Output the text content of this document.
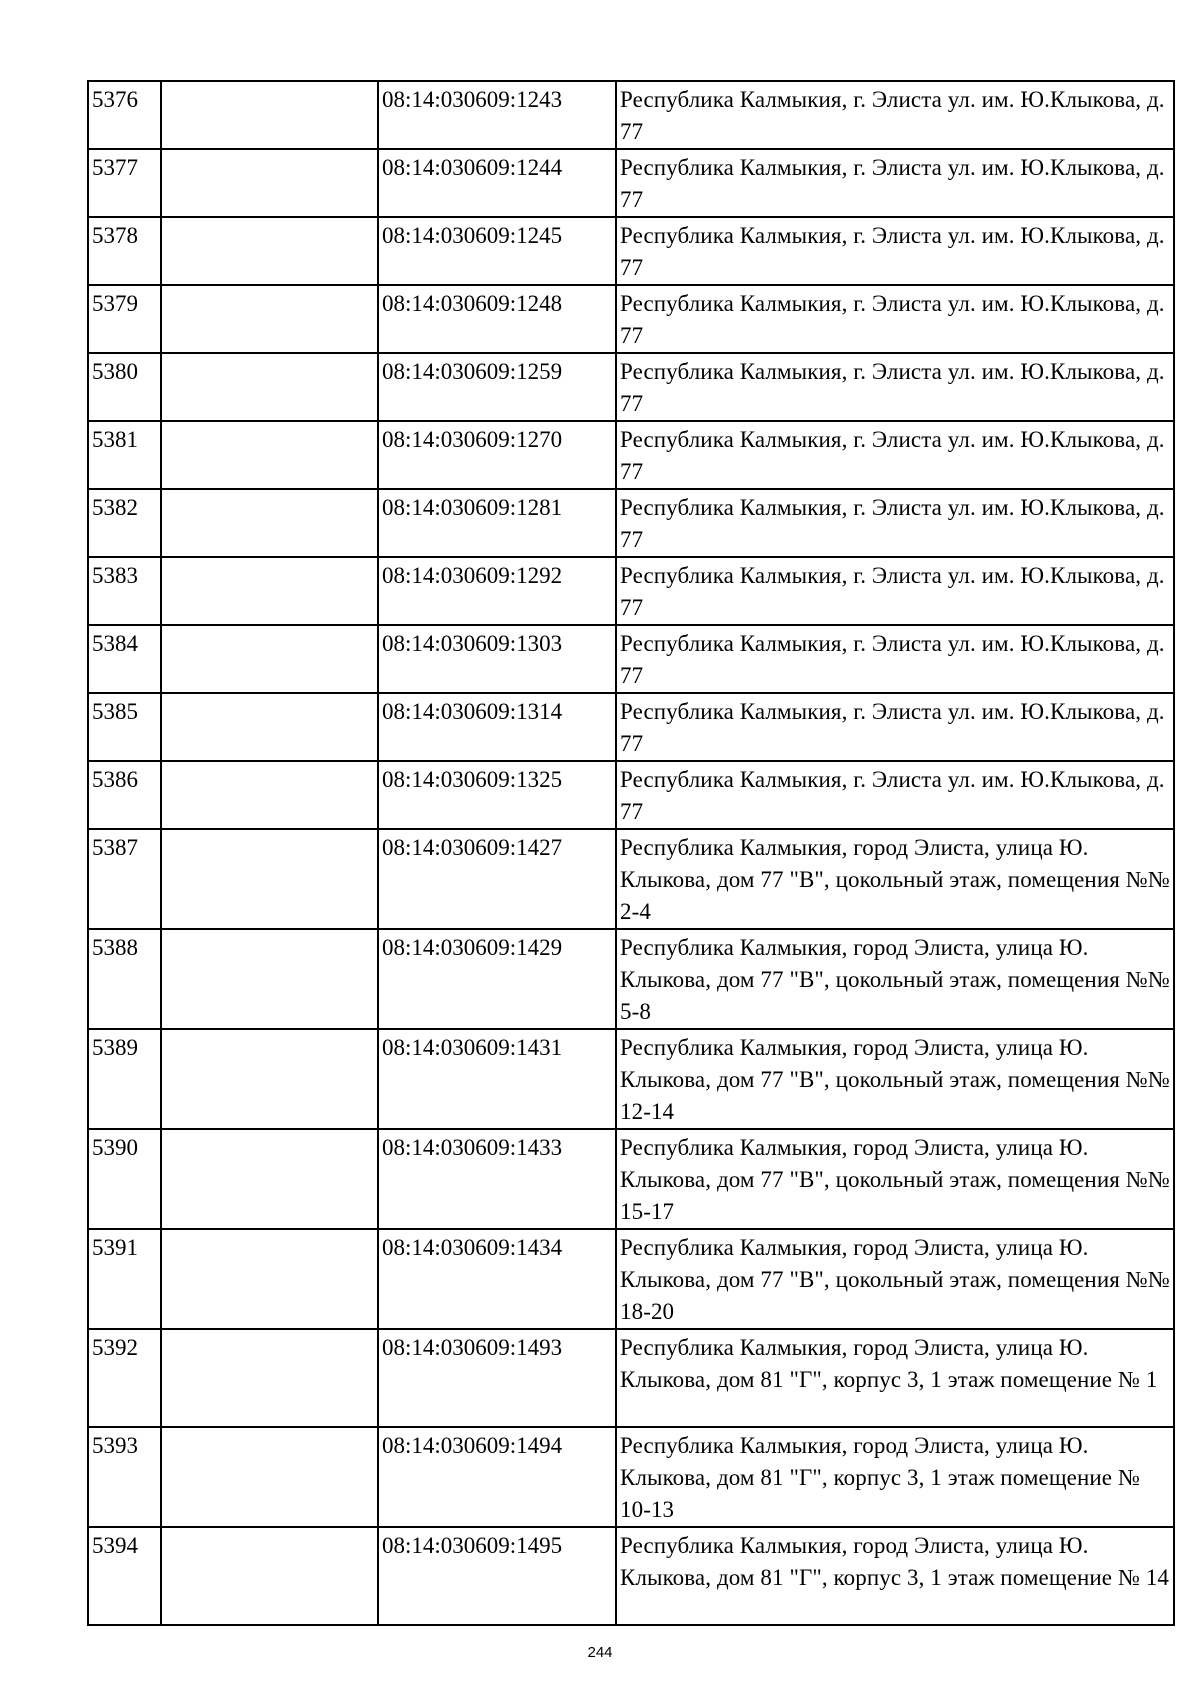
5376		08:14:030609:1243	Республика Калмыкия, г. Элиста ул. им. Ю.Клыкова, д. 77
5377		08:14:030609:1244	Республика Калмыкия, г. Элиста ул. им. Ю.Клыкова, д. 77
5378		08:14:030609:1245	Республика Калмыкия, г. Элиста ул. им. Ю.Клыкова, д. 77
5379		08:14:030609:1248	Республика Калмыкия, г. Элиста ул. им. Ю.Клыкова, д. 77
5380		08:14:030609:1259	Республика Калмыкия, г. Элиста ул. им. Ю.Клыкова, д. 77
5381		08:14:030609:1270	Республика Калмыкия, г. Элиста ул. им. Ю.Клыкова, д. 77
5382		08:14:030609:1281	Республика Калмыкия, г. Элиста ул. им. Ю.Клыкова, д. 77
5383		08:14:030609:1292	Республика Калмыкия, г. Элиста ул. им. Ю.Клыкова, д. 77
5384		08:14:030609:1303	Республика Калмыкия, г. Элиста ул. им. Ю.Клыкова, д. 77
5385		08:14:030609:1314	Республика Калмыкия, г. Элиста ул. им. Ю.Клыкова, д. 77
5386		08:14:030609:1325	Республика Калмыкия, г. Элиста ул. им. Ю.Клыкова, д. 77
5387		08:14:030609:1427	Республика Калмыкия, город Элиста, улица Ю. Клыкова, дом 77 "В", цокольный этаж, помещения №№ 2-4
5388		08:14:030609:1429	Республика Калмыкия, город Элиста, улица Ю. Клыкова, дом 77 "В", цокольный этаж, помещения №№ 5-8
5389		08:14:030609:1431	Республика Калмыкия, город Элиста, улица Ю. Клыкова, дом 77 "В", цокольный этаж, помещения №№ 12-14
5390		08:14:030609:1433	Республика Калмыкия, город Элиста, улица Ю. Клыкова, дом 77 "В", цокольный этаж, помещения №№ 15-17
5391		08:14:030609:1434	Республика Калмыкия, город Элиста, улица Ю. Клыкова, дом 77 "В", цокольный этаж, помещения №№ 18-20
5392		08:14:030609:1493	Республика Калмыкия, город Элиста, улица Ю. Клыкова, дом 81 "Г", корпус 3, 1 этаж помещение № 1
5393		08:14:030609:1494	Республика Калмыкия, город Элиста, улица Ю. Клыкова, дом 81 "Г", корпус 3, 1 этаж помещение № 10-13
5394		08:14:030609:1495	Республика Калмыкия, город Элиста, улица Ю. Клыкова, дом 81 "Г", корпус 3, 1 этаж помещение № 14
244
